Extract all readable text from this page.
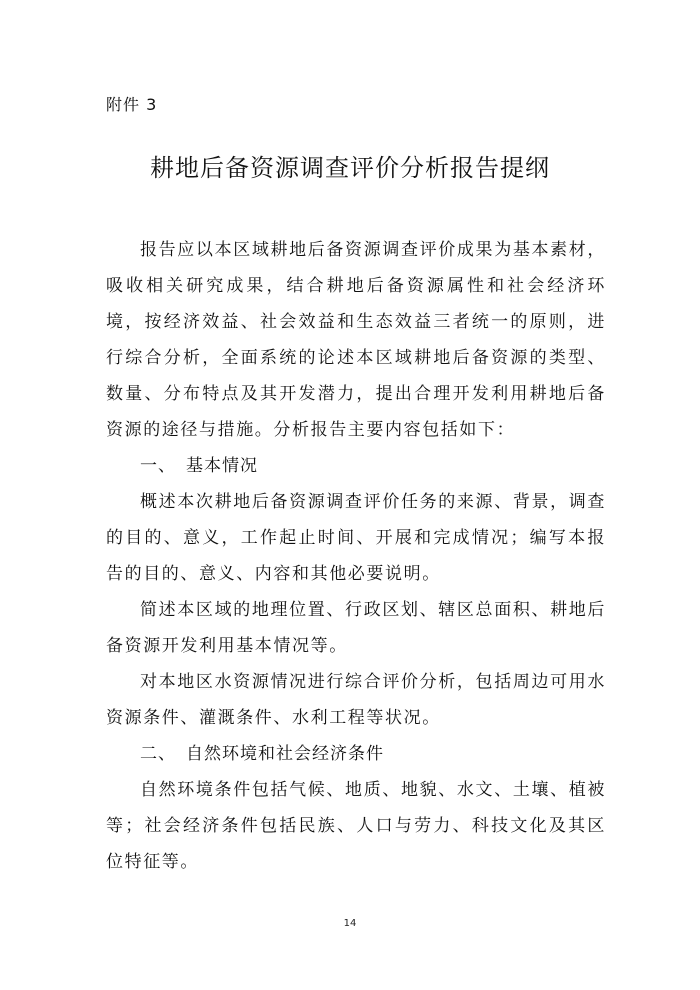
附件 3
耕地后备资源调查评价分析报告提纲

报告应以本区域耕地后备资源调查评价成果为基本素材，吸收相关研究成果，结合耕地后备资源属性和社会经济环境，按经济效益、社会效益和生态效益三者统一的原则，进行综合分析，全面系统的论述本区域耕地后备资源的类型、数量、分布特点及其开发潜力，提出合理开发利用耕地后备资源的途径与措施。分析报告主要内容包括如下：

一、 基本情况

概述本次耕地后备资源调查评价任务的来源、背景，调查的目的、意义，工作起止时间、开展和完成情况；编写本报告的目的、意义、内容和其他必要说明。

简述本区域的地理位置、行政区划、辖区总面积、耕地后备资源开发利用基本情况等。

对本地区水资源情况进行综合评价分析，包括周边可用水资源条件、灌溉条件、水利工程等状况。

二、 自然环境和社会经济条件

自然环境条件包括气候、地质、地貌、水文、土壤、植被等；社会经济条件包括民族、人口与劳力、科技文化及其区位特征等。

14
